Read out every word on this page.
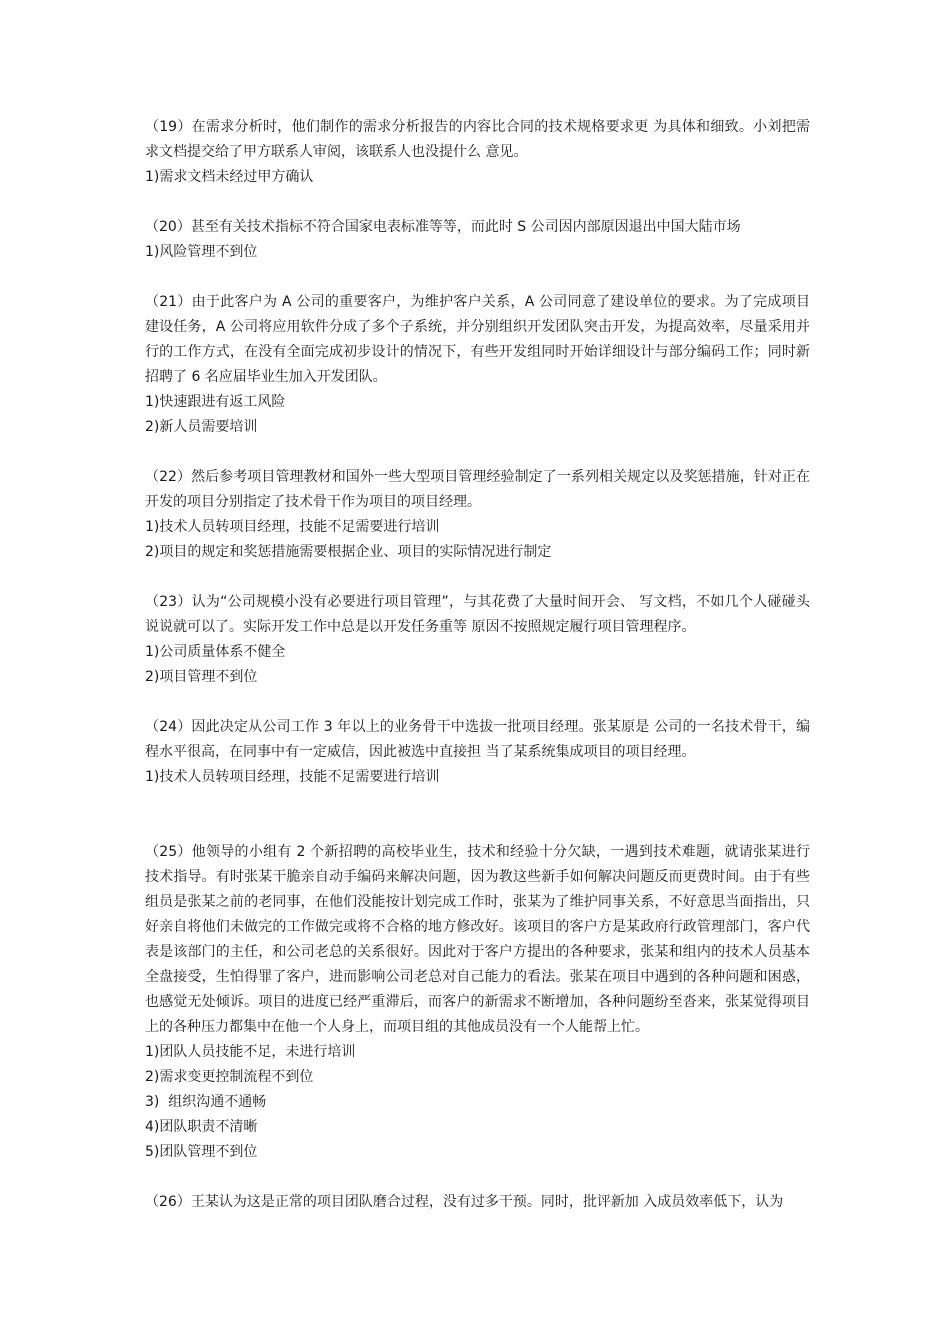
（19）在需求分析时，他们制作的需求分析报告的内容比合同的技术规格要求更 为具体和细致。小刘把需求文档提交给了甲方联系人审阅，该联系人也没提什么 意见。

1)需求文档未经过甲方确认

（20）甚至有关技术指标不符合国家电表标准等等，而此时 S 公司因内部原因退出中国大陆市场

1)风险管理不到位

（21）由于此客户为 A 公司的重要客户，为维护客户关系，A 公司同意了建设单位的要求。为了完成项目建设任务，A 公司将应用软件分成了多个子系统，并分别组织开发团队突击开发，为提高效率，尽量采用并行的工作方式，在没有全面完成初步设计的情况下，有些开发组同时开始详细设计与部分编码工作；同时新招聘了 6 名应届毕业生加入开发团队。

1)快速跟进有返工风险

2)新人员需要培训

（22）然后参考项目管理教材和国外一些大型项目管理经验制定了一系列相关规定以及奖惩措施，针对正在开发的项目分别指定了技术骨干作为项目的项目经理。

1)技术人员转项目经理，技能不足需要进行培训

2)项目的规定和奖惩措施需要根据企业、项目的实际情况进行制定

（23）认为“公司规模小没有必要进行项目管理”，与其花费了大量时间开会、 写文档，不如几个人碰碰头说说就可以了。实际开发工作中总是以开发任务重等 原因不按照规定履行项目管理程序。

1)公司质量体系不健全

2)项目管理不到位

（24）因此决定从公司工作 3 年以上的业务骨干中选拔一批项目经理。张某原是 公司的一名技术骨干，编程水平很高，在同事中有一定威信，因此被选中直接担 当了某系统集成项目的项目经理。

1)技术人员转项目经理，技能不足需要进行培训

（25）他领导的小组有 2 个新招聘的高校毕业生，技术和经验十分欠缺，一遇到技术难题，就请张某进行技术指导。有时张某干脆亲自动手编码来解决问题，因为教这些新手如何解决问题反而更费时间。由于有些组员是张某之前的老同事，在他们没能按计划完成工作时，张某为了维护同事关系，不好意思当面指出，只好亲自将他们未做完的工作做完或将不合格的地方修改好。该项目的客户方是某政府行政管理部门，客户代表是该部门的主任，和公司老总的关系很好。因此对于客户方提出的各种要求，张某和组内的技术人员基本全盘接受，生怕得罪了客户，进而影响公司老总对自己能力的看法。张某在项目中遇到的各种问题和困惑，也感觉无处倾诉。项目的进度已经严重滞后，而客户的新需求不断增加，各种问题纷至沓来，张某觉得项目上的各种压力都集中在他一个人身上，而项目组的其他成员没有一个人能帮上忙。

1)团队人员技能不足，未进行培训

2)需求变更控制流程不到位

3)  组织沟通不通畅

4)团队职责不清晰

5)团队管理不到位

（26）王某认为这是正常的项目团队磨合过程，没有过多干预。同时，批评新加 入成员效率低下，认为
